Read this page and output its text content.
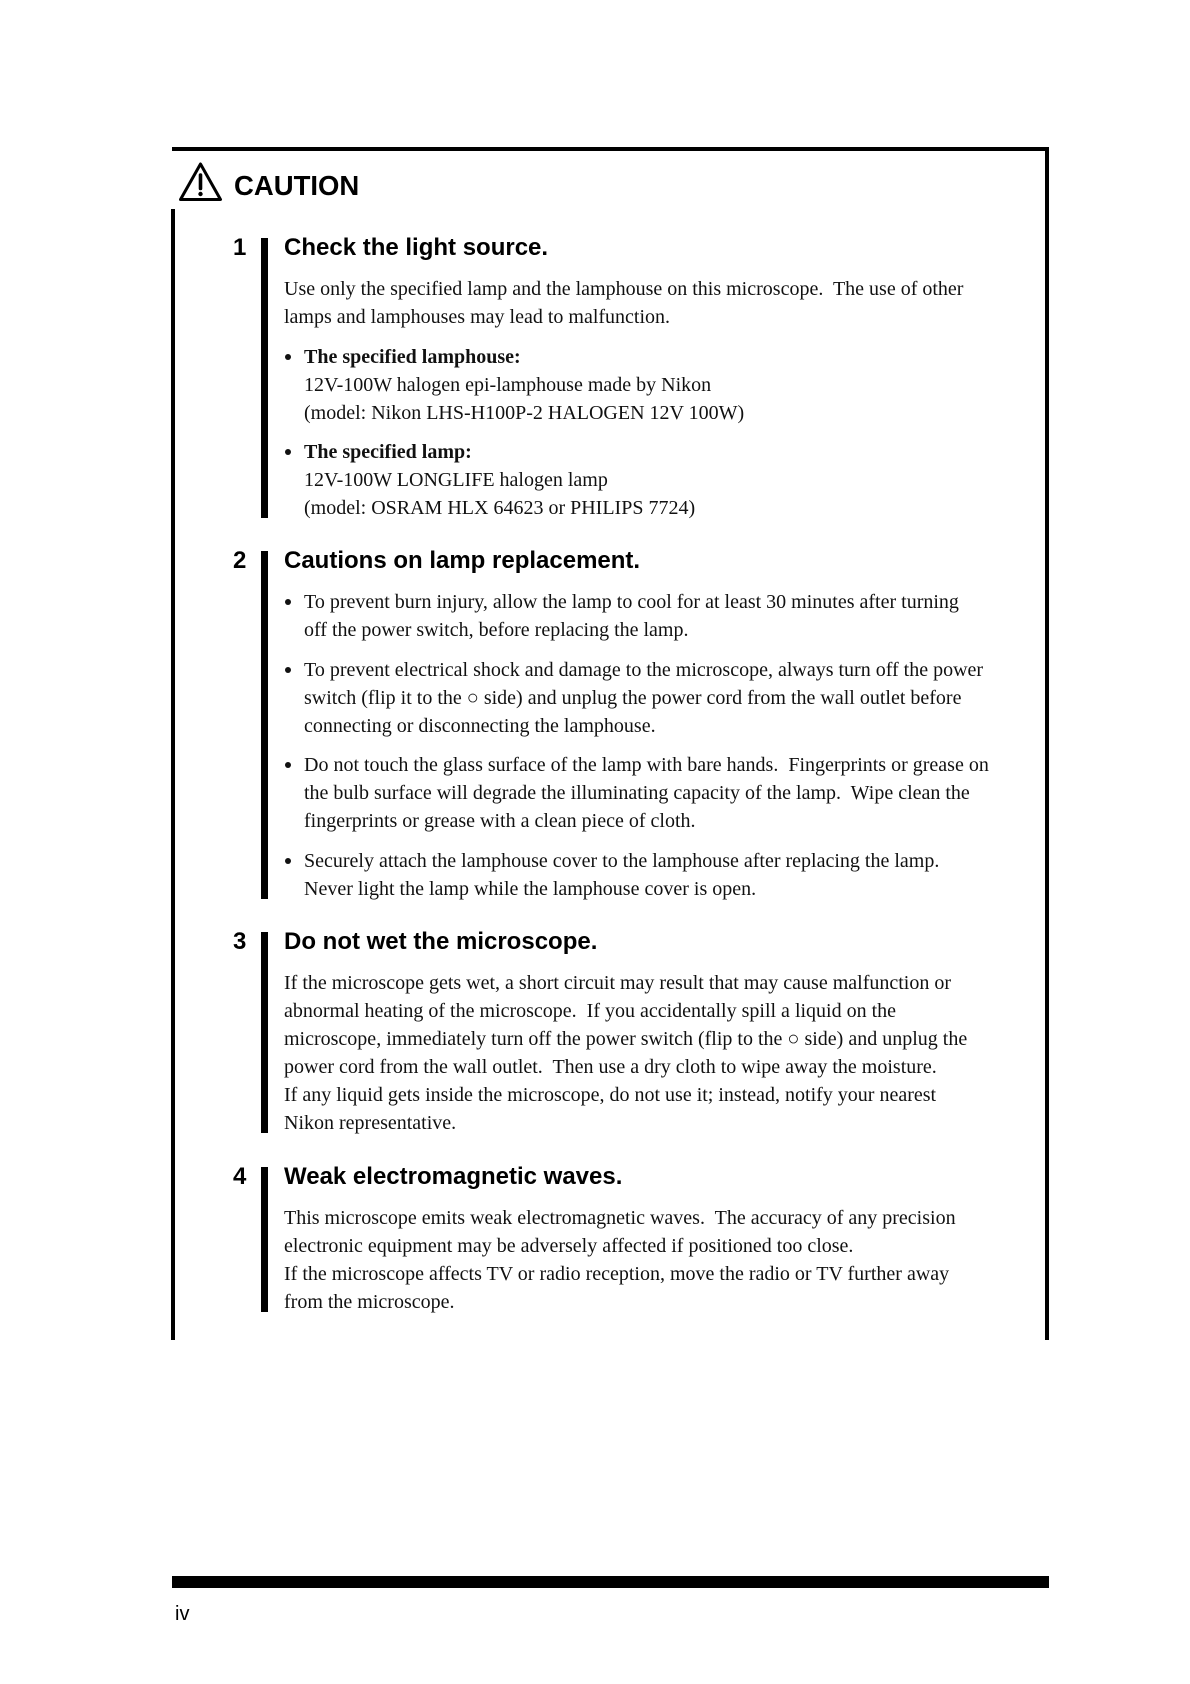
CAUTION
1 Check the light source.
Use only the specified lamp and the lamphouse on this microscope.  The use of other
lamps and lamphouses may lead to malfunction.
The specified lamphouse:
12V-100W halogen epi-lamphouse made by Nikon
(model: Nikon LHS-H100P-2 HALOGEN 12V 100W)
The specified lamp:
12V-100W LONGLIFE halogen lamp
(model: OSRAM HLX 64623 or PHILIPS 7724)
2 Cautions on lamp replacement.
To prevent burn injury, allow the lamp to cool for at least 30 minutes after turning
off the power switch, before replacing the lamp.
To prevent electrical shock and damage to the microscope, always turn off the power
switch (flip it to the ○ side) and unplug the power cord from the wall outlet before
connecting or disconnecting the lamphouse.
Do not touch the glass surface of the lamp with bare hands.  Fingerprints or grease on
the bulb surface will degrade the illuminating capacity of the lamp.  Wipe clean the
fingerprints or grease with a clean piece of cloth.
Securely attach the lamphouse cover to the lamphouse after replacing the lamp.
Never light the lamp while the lamphouse cover is open.
3 Do not wet the microscope.
If the microscope gets wet, a short circuit may result that may cause malfunction or
abnormal heating of the microscope.  If you accidentally spill a liquid on the
microscope, immediately turn off the power switch (flip to the ○ side) and unplug the
power cord from the wall outlet.  Then use a dry cloth to wipe away the moisture.
If any liquid gets inside the microscope, do not use it; instead, notify your nearest
Nikon representative.
4 Weak electromagnetic waves.
This microscope emits weak electromagnetic waves.  The accuracy of any precision
electronic equipment may be adversely affected if positioned too close.
If the microscope affects TV or radio reception, move the radio or TV further away
from the microscope.
iv
